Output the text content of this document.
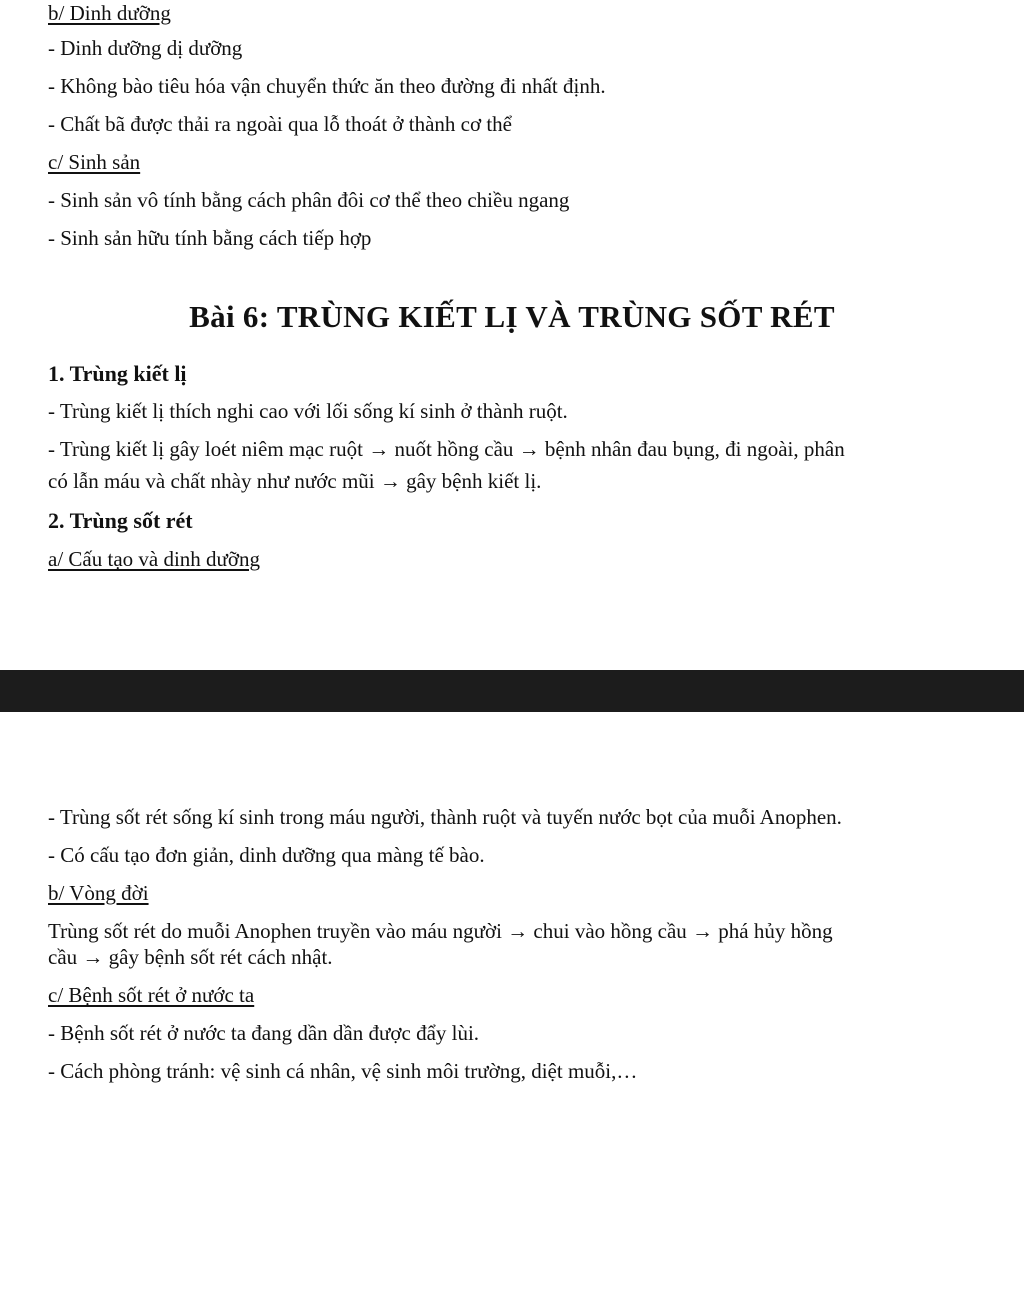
b/ Dinh dưỡng

- Dinh dưỡng dị dưỡng

- Không bào tiêu hóa vận chuyển thức ăn theo đường đi nhất định.

- Chất bã được thải ra ngoài qua lỗ thoát ở thành cơ thể

c/ Sinh sản

- Sinh sản vô tính bằng cách phân đôi cơ thể theo chiều ngang

- Sinh sản hữu tính bằng cách tiếp hợp

Bài 6: TRÙNG KIẾT LỊ VÀ TRÙNG SỐT RÉT

1. Trùng kiết lị

- Trùng kiết lị thích nghi cao với lối sống kí sinh ở thành ruột.

- Trùng kiết lị gây loét niêm mạc ruột → nuốt hồng cầu → bệnh nhân đau bụng, đi ngoài, phân

có lẫn máu và chất nhày như nước mũi → gây bệnh kiết lị.

2. Trùng sốt rét

a/ Cấu tạo và dinh dưỡng

- Trùng sốt rét sống kí sinh trong máu người, thành ruột và tuyến nước bọt của muỗi Anophen.

- Có cấu tạo đơn giản, dinh dưỡng qua màng tế bào.

b/ Vòng đời

Trùng sốt rét do muỗi Anophen truyền vào máu người → chui vào hồng cầu → phá hủy hồng

cầu → gây bệnh sốt rét cách nhật.

c/ Bệnh sốt rét ở nước ta

- Bệnh sốt rét ở nước ta đang dần dần được đẩy lùi.

- Cách phòng tránh: vệ sinh cá nhân, vệ sinh môi trường, diệt muỗi,…
